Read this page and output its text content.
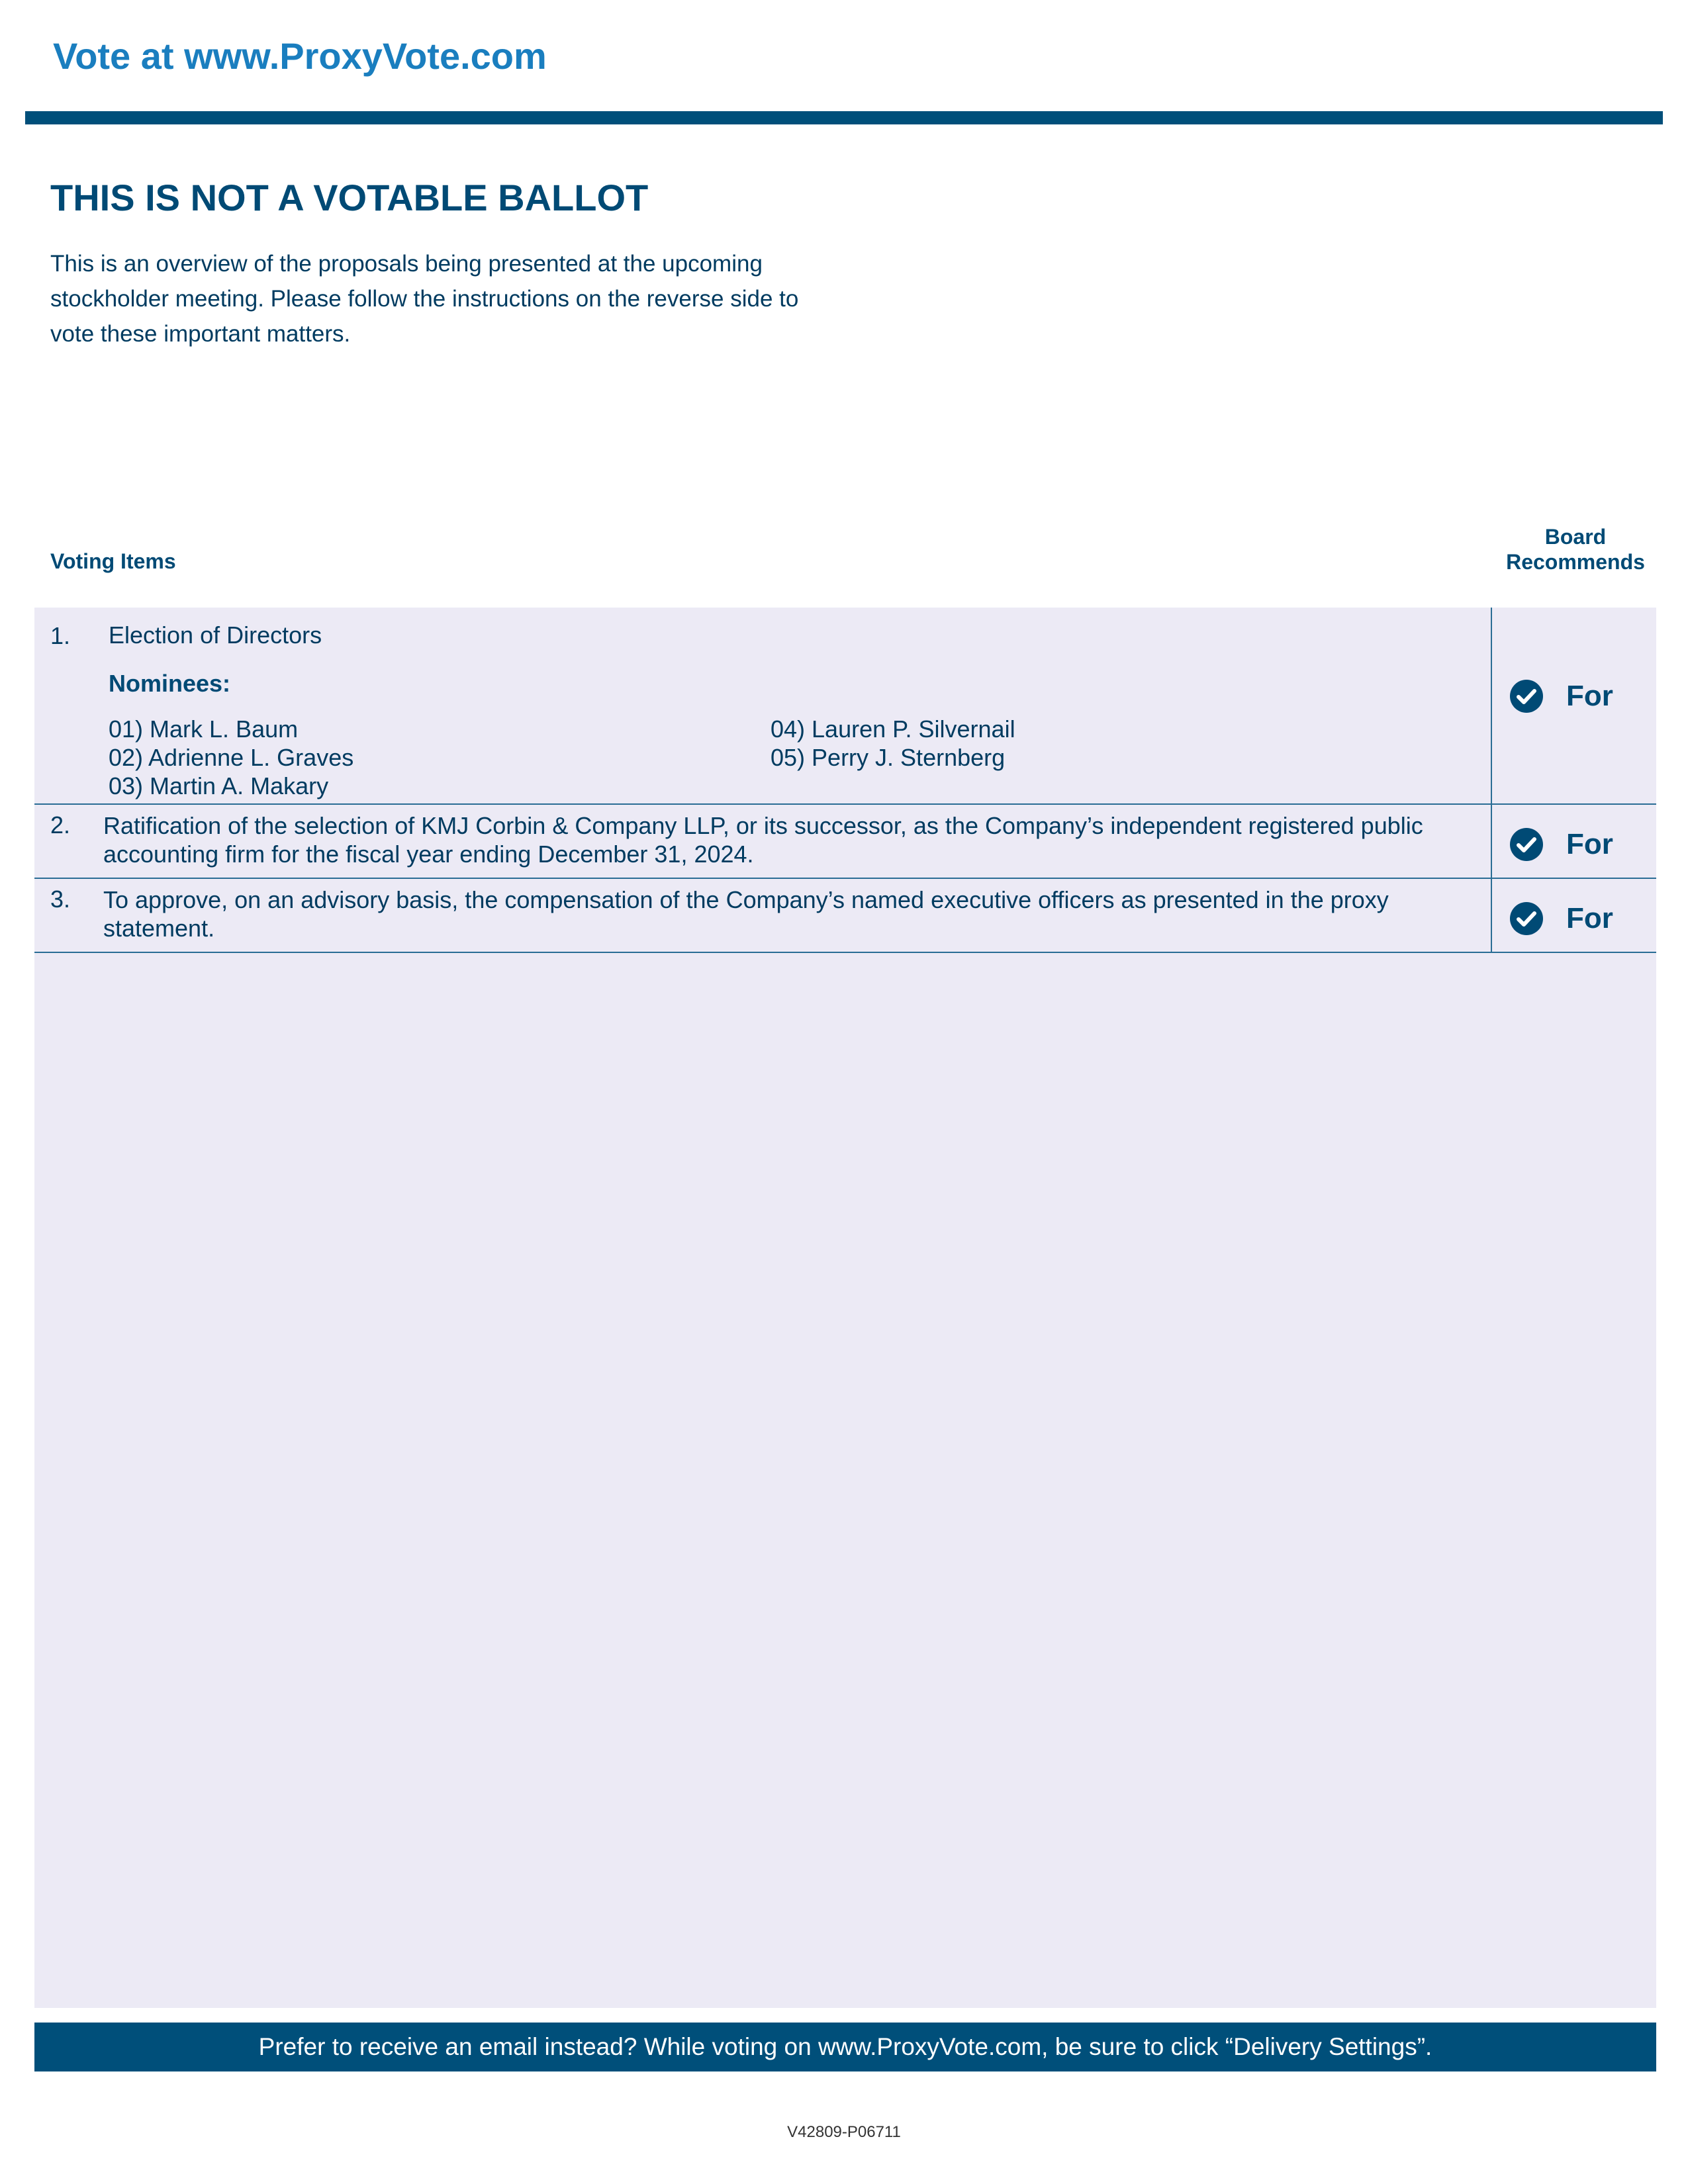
Vote at www.ProxyVote.com
THIS IS NOT A VOTABLE BALLOT
This is an overview of the proposals being presented at the upcoming stockholder meeting. Please follow the instructions on the reverse side to vote these important matters.
Voting Items
Board Recommends
1. Election of Directors
Nominees:
01) Mark L. Baum
02) Adrienne L. Graves
03) Martin A. Makary
04) Lauren P. Silvernail
05) Perry J. Sternberg
For
2. Ratification of the selection of KMJ Corbin & Company LLP, or its successor, as the Company’s independent registered public accounting firm for the fiscal year ending December 31, 2024.	For
3. To approve, on an advisory basis, the compensation of the Company’s named executive officers as presented in the proxy statement.	For
Prefer to receive an email instead? While voting on www.ProxyVote.com, be sure to click “Delivery Settings”.
V42809-P06711
